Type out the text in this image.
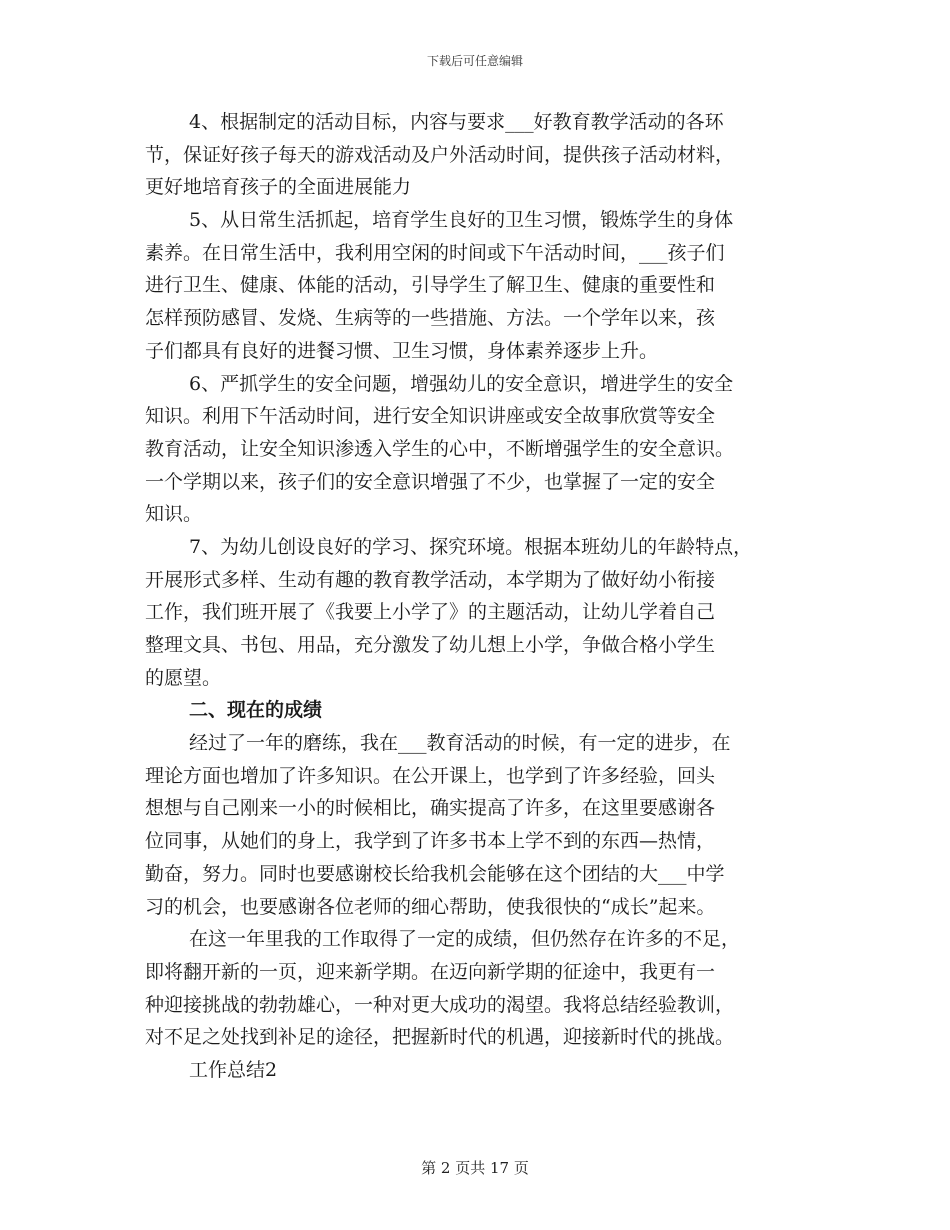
下载后可任意编辑
4、根据制定的活动目标，内容与要求___好教育教学活动的各环
节，保证好孩子每天的游戏活动及户外活动时间，提供孩子活动材料，
更好地培育孩子的全面进展能力
5、从日常生活抓起，培育学生良好的卫生习惯，锻炼学生的身体
素养。在日常生活中，我利用空闲的时间或下午活动时间，___孩子们
进行卫生、健康、体能的活动，引导学生了解卫生、健康的重要性和
怎样预防感冒、发烧、生病等的一些措施、方法。一个学年以来，孩
子们都具有良好的进餐习惯、卫生习惯，身体素养逐步上升。
6、严抓学生的安全问题，增强幼儿的安全意识，增进学生的安全
知识。利用下午活动时间，进行安全知识讲座或安全故事欣赏等安全
教育活动，让安全知识渗透入学生的心中，不断增强学生的安全意识。
一个学期以来，孩子们的安全意识增强了不少，也掌握了一定的安全
知识。
7、为幼儿创设良好的学习、探究环境。根据本班幼儿的年龄特点，
开展形式多样、生动有趣的教育教学活动，本学期为了做好幼小衔接
工作，我们班开展了《我要上小学了》的主题活动，让幼儿学着自己
整理文具、书包、用品，充分激发了幼儿想上小学，争做合格小学生
的愿望。
二、现在的成绩
经过了一年的磨练，我在___教育活动的时候，有一定的进步，在
理论方面也增加了许多知识。在公开课上，也学到了许多经验，回头
想想与自己刚来一小的时候相比，确实提高了许多，在这里要感谢各
位同事，从她们的身上，我学到了许多书本上学不到的东西—热情，
勤奋，努力。同时也要感谢校长给我机会能够在这个团结的大___中学
习的机会，也要感谢各位老师的细心帮助，使我很快的“成长”起来。
在这一年里我的工作取得了一定的成绩，但仍然存在许多的不足，
即将翻开新的一页，迎来新学期。在迈向新学期的征途中，我更有一
种迎接挑战的勃勃雄心，一种对更大成功的渴望。我将总结经验教训，
对不足之处找到补足的途径，把握新时代的机遇，迎接新时代的挑战。
工作总结2
第 2 页共 17 页
